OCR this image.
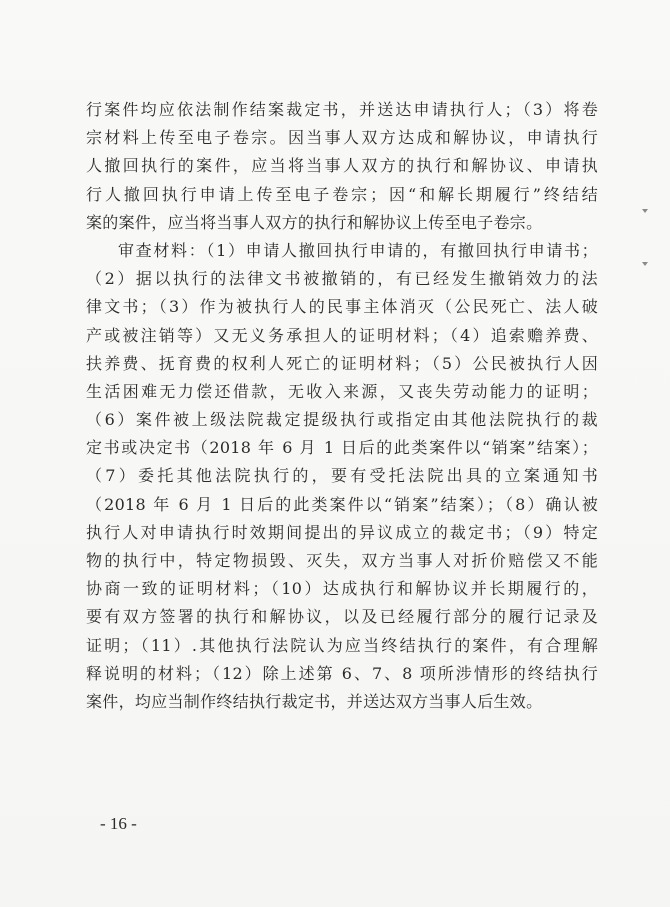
行案件均应依法制作结案裁定书，并送达申请执行人；（3）将卷
宗材料上传至电子卷宗。因当事人双方达成和解协议，申请执行
人撤回执行的案件，应当将当事人双方的执行和解协议、申请执
行人撤回执行申请上传至电子卷宗；因“和解长期履行”终结结
案的案件，应当将当事人双方的执行和解协议上传至电子卷宗。
审查材料：（1）申请人撤回执行申请的，有撤回执行申请书；
（2）据以执行的法律文书被撤销的，有已经发生撤销效力的法
律文书；（3）作为被执行人的民事主体消灭（公民死亡、法人破
产或被注销等）又无义务承担人的证明材料；（4）追索赡养费、
扶养费、抚育费的权利人死亡的证明材料；（5）公民被执行人因
生活困难无力偿还借款，无收入来源，又丧失劳动能力的证明；
（6）案件被上级法院裁定提级执行或指定由其他法院执行的裁
定书或决定书（2018 年 6 月 1 日后的此类案件以“销案”结案）；
（7）委托其他法院执行的，要有受托法院出具的立案通知书
（2018 年 6 月 1 日后的此类案件以“销案”结案）；（8）确认被
执行人对申请执行时效期间提出的异议成立的裁定书；（9）特定
物的执行中，特定物损毁、灭失，双方当事人对折价赔偿又不能
协商一致的证明材料；（10）达成执行和解协议并长期履行的，
要有双方签署的执行和解协议，以及已经履行部分的履行记录及
证明；（11）.其他执行法院认为应当终结执行的案件，有合理解
释说明的材料；（12）除上述第 6、7、8 项所涉情形的终结执行
案件，均应当制作终结执行裁定书，并送达双方当事人后生效。
- 16 -
